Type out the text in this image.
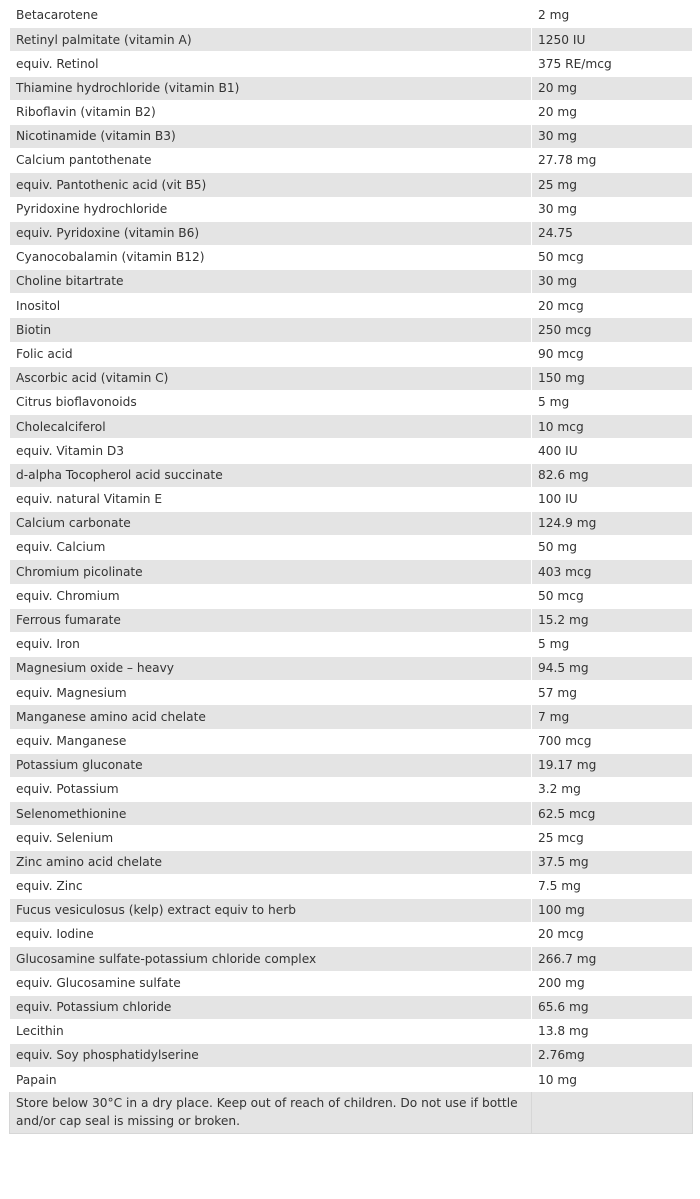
Betacarotene	2 mg
Retinyl palmitate (vitamin A)	1250 IU
equiv. Retinol	375 RE/mcg
Thiamine hydrochloride (vitamin B1)	20 mg
Riboflavin (vitamin B2)	20 mg
Nicotinamide (vitamin B3)	30 mg
Calcium pantothenate	27.78 mg
equiv. Pantothenic acid (vit B5)	25 mg
Pyridoxine hydrochloride	30 mg
equiv. Pyridoxine (vitamin B6)	24.75
Cyanocobalamin (vitamin B12)	50 mcg
Choline bitartrate	30 mg
Inositol	20 mcg
Biotin	250 mcg
Folic acid	90 mcg
Ascorbic acid (vitamin C)	150 mg
Citrus bioflavonoids	5 mg
Cholecalciferol	10 mcg
equiv. Vitamin D3	400 IU
d-alpha Tocopherol acid succinate	82.6 mg
equiv. natural Vitamin E	100 IU
Calcium carbonate	124.9 mg
equiv. Calcium	50 mg
Chromium picolinate	403 mcg
equiv. Chromium	50 mcg
Ferrous fumarate	15.2 mg
equiv. Iron	5 mg
Magnesium oxide – heavy	94.5 mg
equiv. Magnesium	57 mg
Manganese amino acid chelate	7 mg
equiv. Manganese	700 mcg
Potassium gluconate	19.17 mg
equiv. Potassium	3.2 mg
Selenomethionine	62.5 mcg
equiv. Selenium	25 mcg
Zinc amino acid chelate	37.5 mg
equiv. Zinc	7.5 mg
Fucus vesiculosus (kelp) extract equiv to herb	100 mg
equiv. Iodine	20 mcg
Glucosamine sulfate-potassium chloride complex	266.7 mg
equiv. Glucosamine sulfate	200 mg
equiv. Potassium chloride	65.6 mg
Lecithin	13.8 mg
equiv. Soy phosphatidylserine	2.76mg
Papain	10 mg
Store below 30°C in a dry place. Keep out of reach of children. Do not use if bottle and/or cap seal is missing or broken.	
